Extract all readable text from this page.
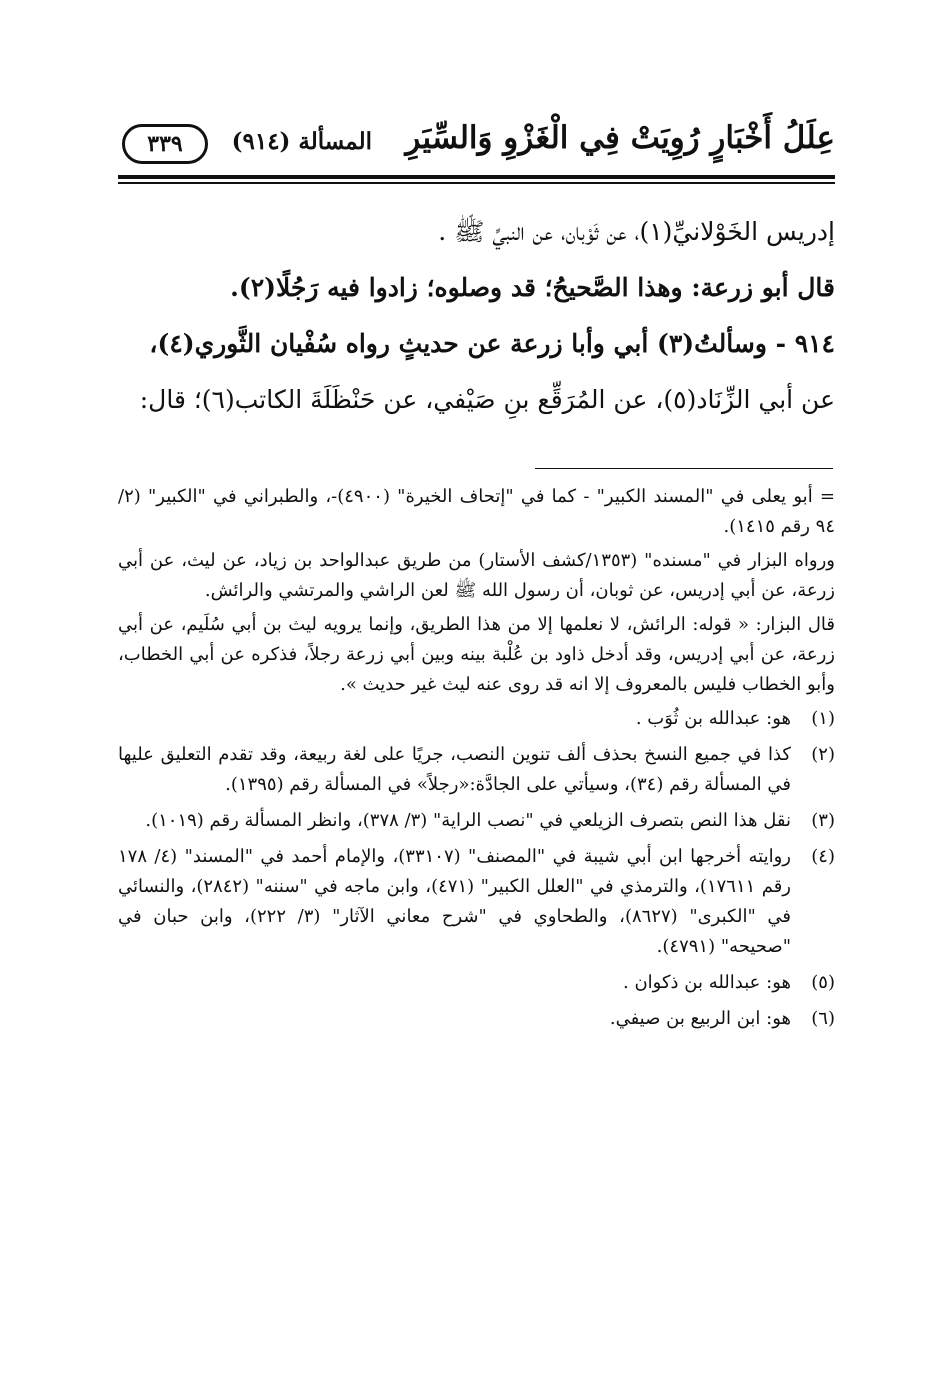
عِلَلُ أَخْبَارٍ رُوِيَتْ فِي الْغَزْوِ وَالسِّيَرِ
المسألة (٩١٤)
٣٣٩

إدريس الخَوْلانيِّ(١)، عن ثَوْبان، عن النبيِّ ﷺ .

قال أبو زرعة: وهذا الصَّحيحُ؛ قد وصلوه؛ زادوا فيه رَجُلًا(٢).

٩١٤ - وسألتُ(٣) أبي وأبا زرعة عن حديثٍ رواه سُفْيان الثَّوري(٤)،

عن أبي الزِّنَاد(٥)، عن المُرَقِّع بنِ صَيْفي، عن حَنْظَلَةَ الكاتب(٦)؛ قال:

= أبو يعلى في "المسند الكبير" - كما في "إتحاف الخيرة" (٤٩٠٠)-، والطبراني في "الكبير" (٢/ ٩٤ رقم ١٤١٥).

ورواه البزار في "مسنده" (١٣٥٣/كشف الأستار) من طريق عبدالواحد بن زياد، عن ليث، عن أبي زرعة، عن أبي إدريس، عن ثوبان، أن رسول الله ﷺ لعن الراشي والمرتشي والرائش.

قال البزار: « قوله: الرائش، لا نعلمها إلا من هذا الطريق، وإنما يرويه ليث بن أبي سُلَيم، عن أبي زرعة، عن أبي إدريس، وقد أدخل ذاود بن عُلْبة بينه وبين أبي زرعة رجلاً، فذكره عن أبي الخطاب، وأبو الخطاب فليس بالمعروف إلا انه قد روى عنه ليث غير حديث ».

(١)
هو: عبدالله بن ثُوَب .
(٢)
كذا في جميع النسخ بحذف ألف تنوين النصب، جريًا على لغة ربيعة، وقد تقدم التعليق عليها في المسألة رقم (٣٤)، وسيأتي على الجادَّة:«رجلاً» في المسألة رقم (١٣٩٥).
(٣)
نقل هذا النص بتصرف الزيلعي في "نصب الراية" (٣/ ٣٧٨)، وانظر المسألة رقم (١٠١٩).
(٤)
روايته أخرجها ابن أبي شيبة في "المصنف" (٣٣١٠٧)، والإمام أحمد في "المسند" (٤/ ١٧٨ رقم ١٧٦١١)، والترمذي في "العلل الكبير" (٤٧١)، وابن ماجه في "سننه" (٢٨٤٢)، والنسائي في "الكبرى" (٨٦٢٧)، والطحاوي في "شرح معاني الآثار" (٣/ ٢٢٢)، وابن حبان في "صحيحه" (٤٧٩١).
(٥)
هو: عبدالله بن ذكوان .
(٦)
هو: ابن الربيع بن صيفي.
